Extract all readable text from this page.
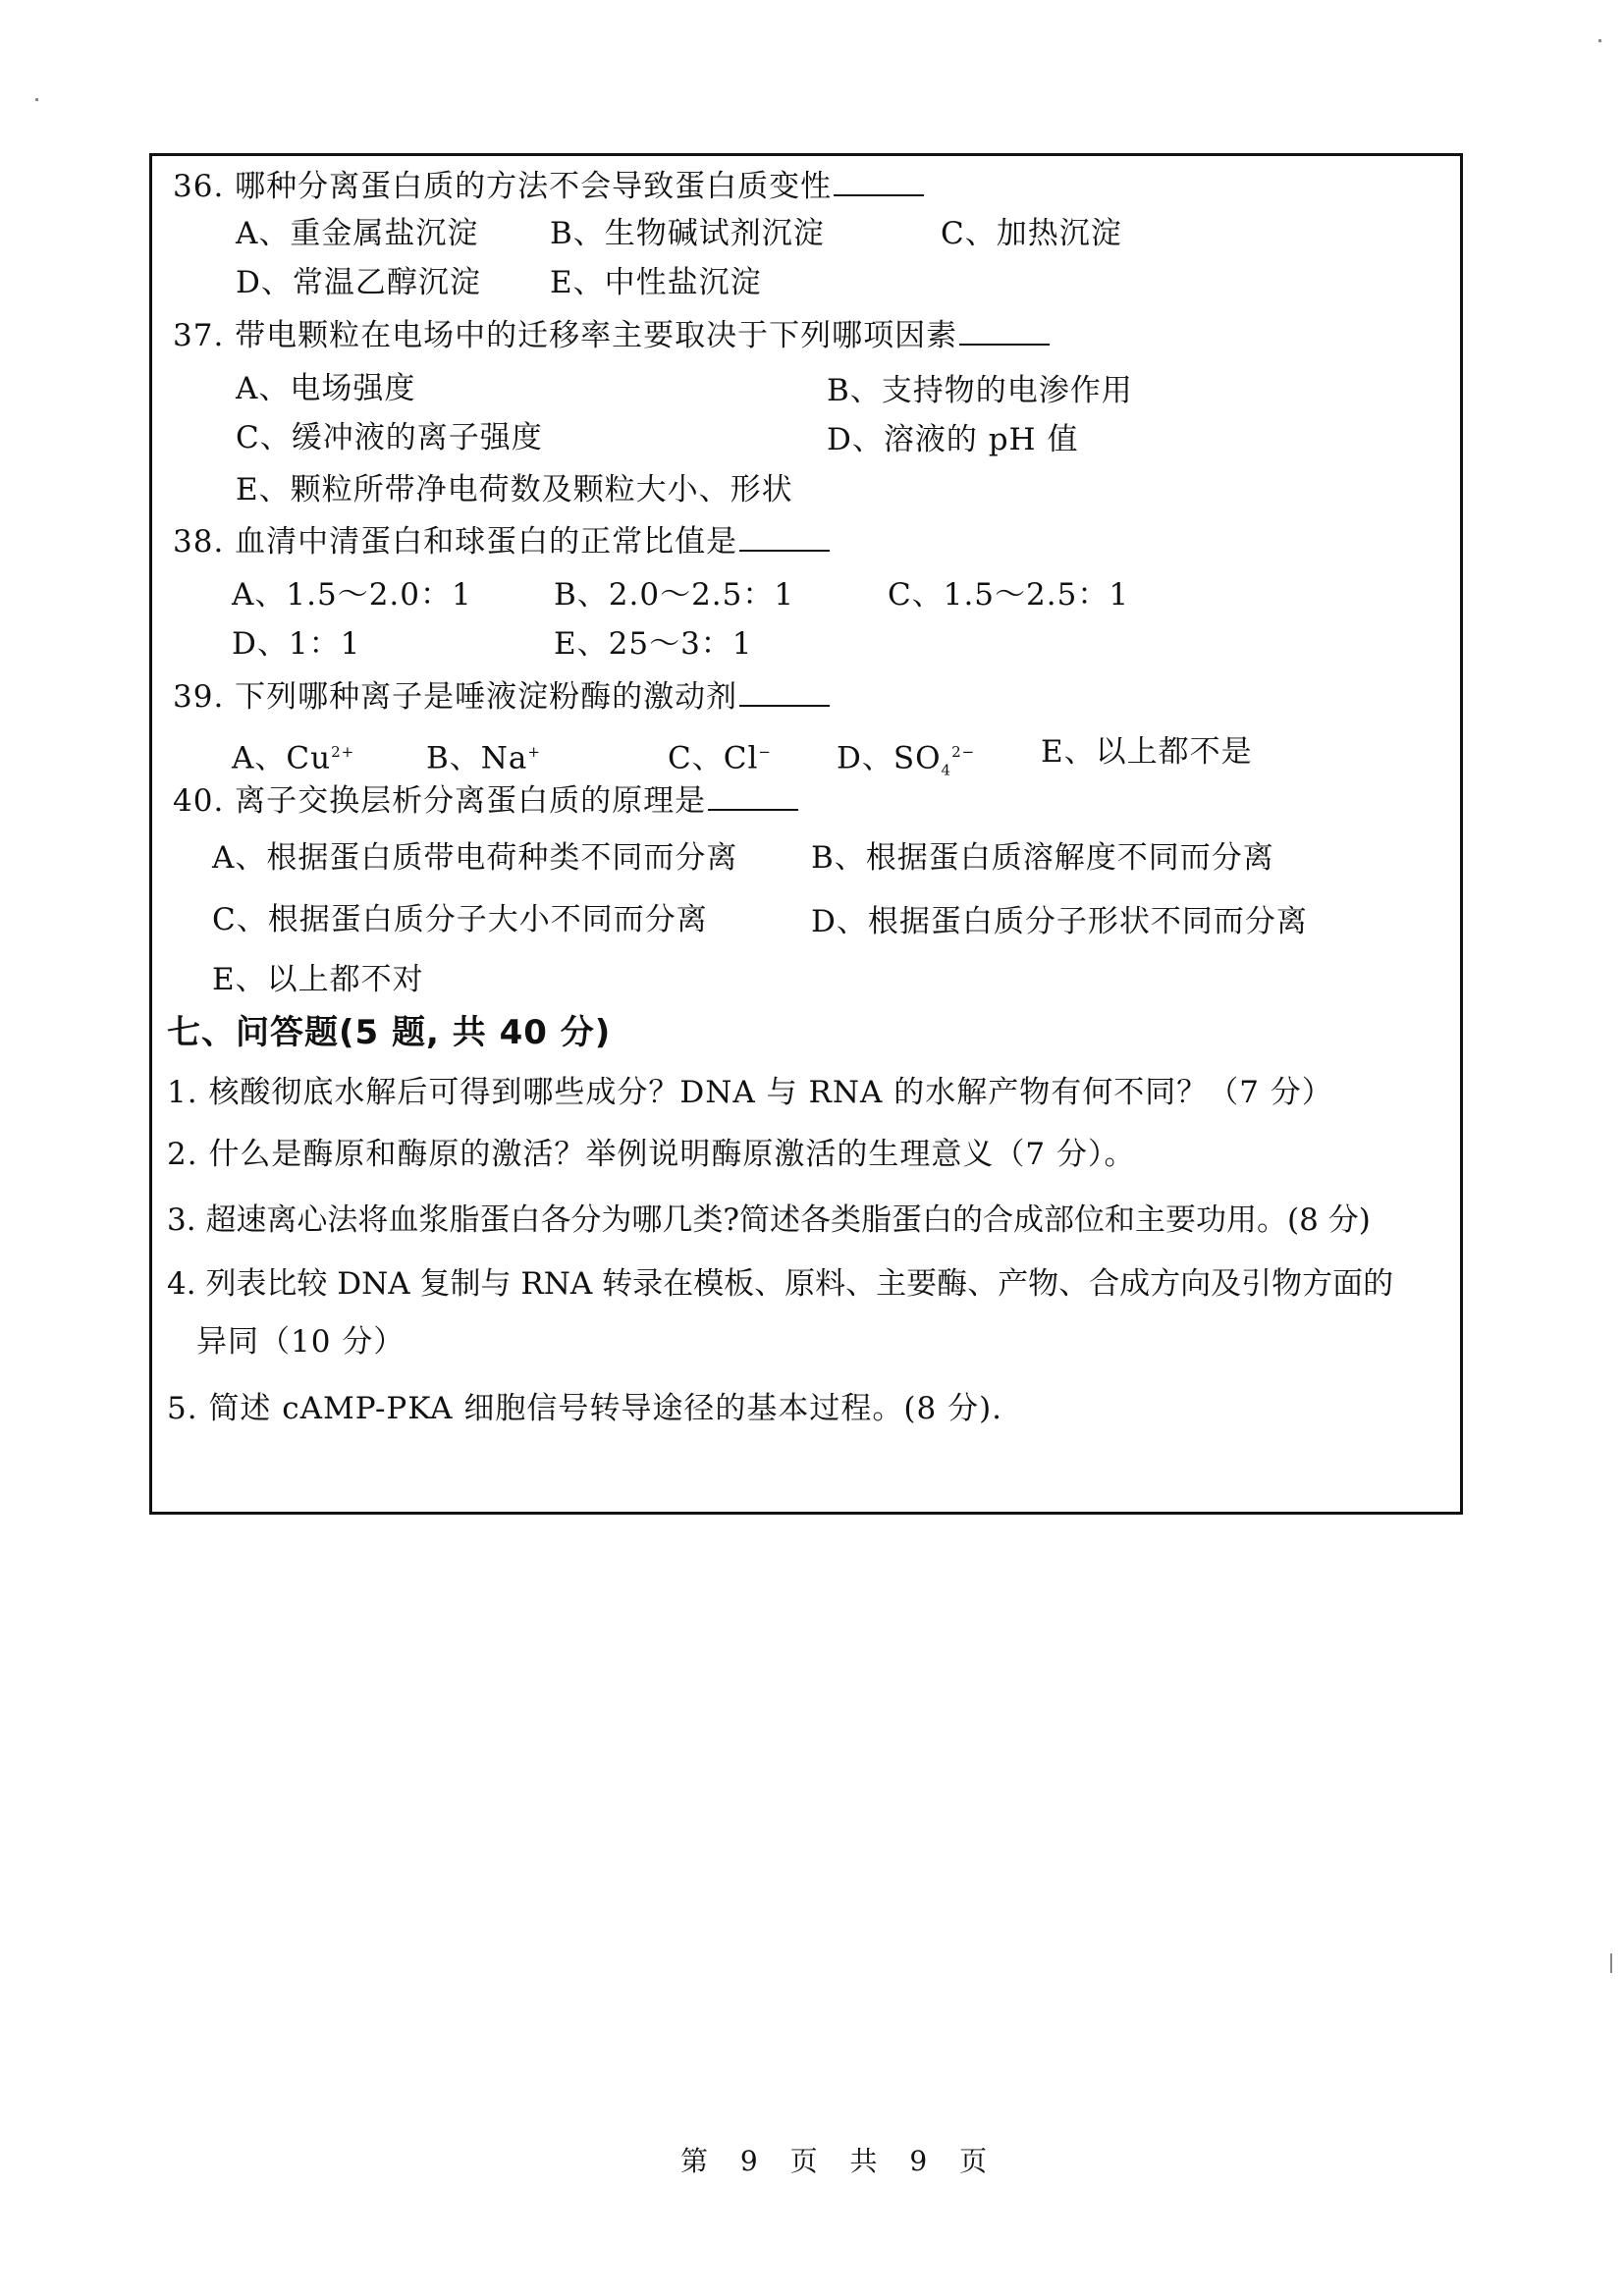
36. 哪种分离蛋白质的方法不会导致蛋白质变性
A、重金属盐沉淀 B、生物碱试剂沉淀	C、加热沉淀
D、常温乙醇沉淀 E、中性盐沉淀
37. 带电颗粒在电场中的迁移率主要取决于下列哪项因素
A、电场强度	B、支持物的电渗作用
C、缓冲液的离子强度	D、溶液的 pH 值
E、颗粒所带净电荷数及颗粒大小、形状
38. 血清中清蛋白和球蛋白的正常比值是
A、1.5～2.0：1	B、2.0～2.5：1	C、1.5～2.5：1
D、1：1	E、25～3：1
39. 下列哪种离子是唾液淀粉酶的激动剂
A、$Cu^{2+}$ B、Na+	C、Cl− D、$SO_4^{2-}$ E、以上都不是
40. 离子交换层析分离蛋白质的原理是
A、根据蛋白质带电荷种类不同而分离 B、根据蛋白质溶解度不同而分离
C、根据蛋白质分子大小不同而分离	D、根据蛋白质分子形状不同而分离
E、以上都不对
七、问答题(5 题, 共 40 分)
1. 核酸彻底水解后可得到哪些成分？DNA 与 RNA 的水解产物有何不同？（7 分）
2. 什么是酶原和酶原的激活？举例说明酶原激活的生理意义（7 分）。
3. 超速离心法将血浆脂蛋白各分为哪几类?简述各类脂蛋白的合成部位和主要功用。(8 分)
4. 列表比较 DNA 复制与 RNA 转录在模板、原料、主要酶、产物、合成方向及引物方面的
异同（10 分）
5. 简述 cAMP-PKA 细胞信号转导途径的基本过程。(8 分).
第 9 页 共 9 页
